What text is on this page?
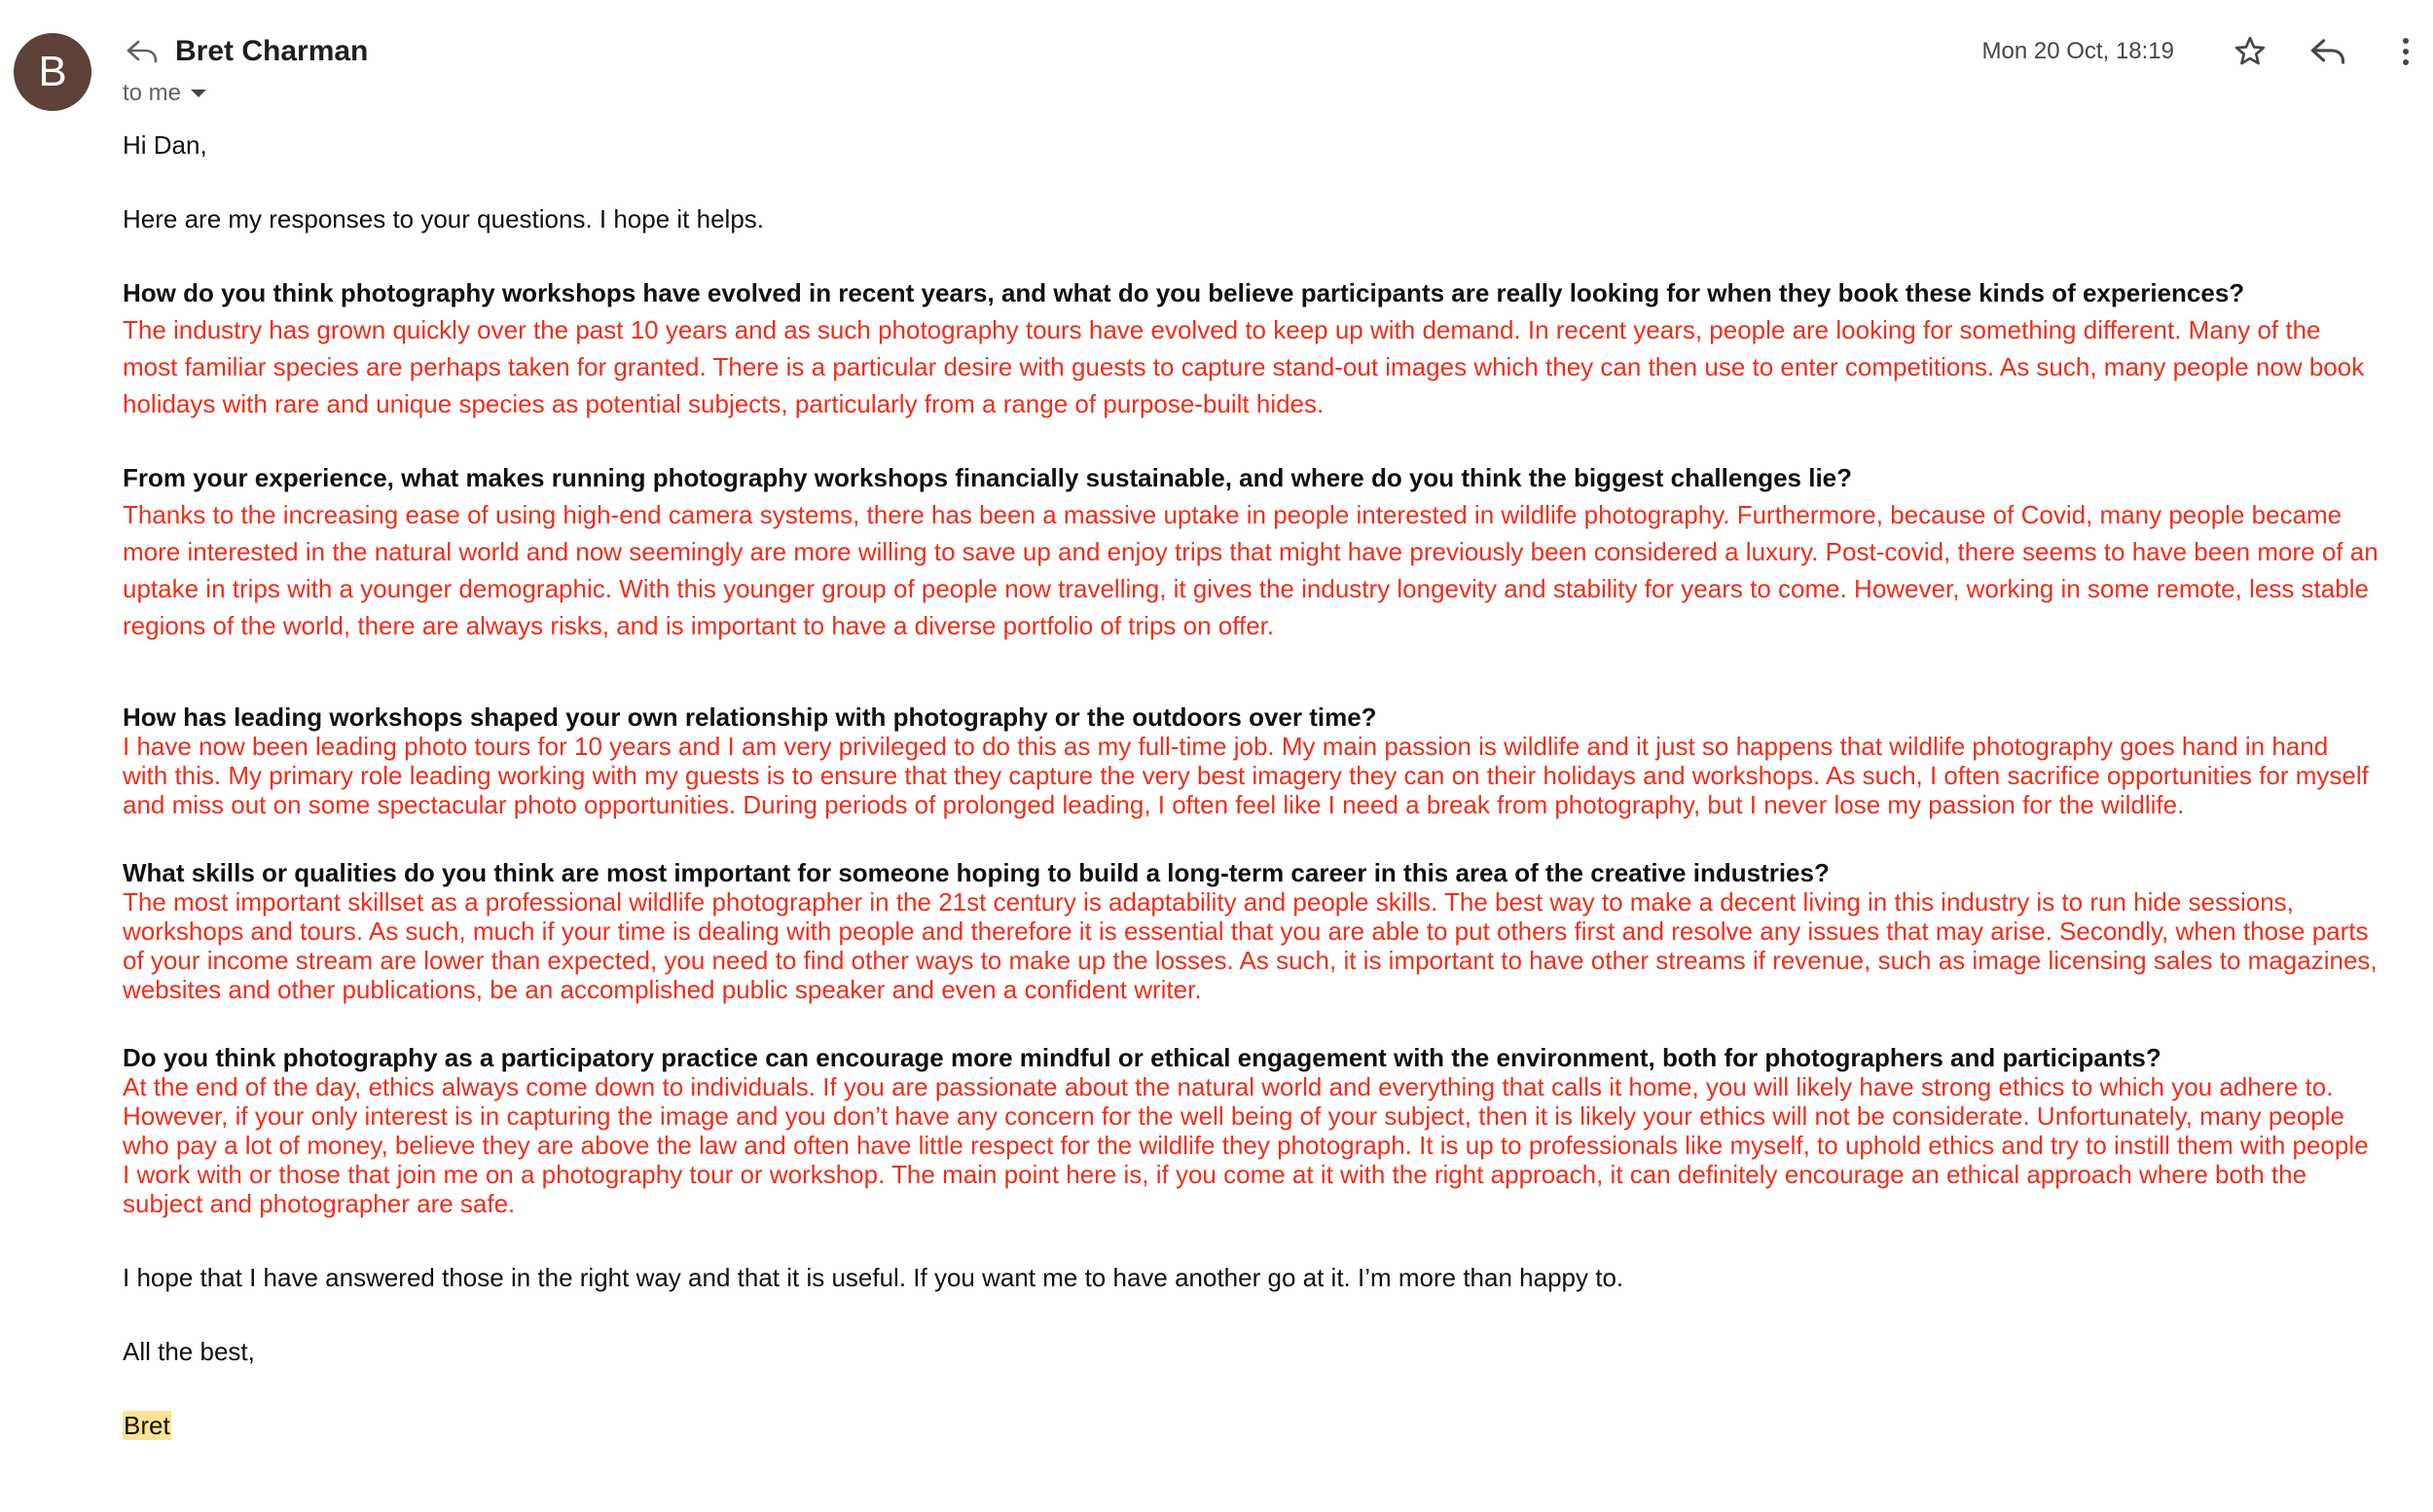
B	Bret Charman
to me
Mon 20 Oct, 18:19

Hi Dan,

Here are my responses to your questions. I hope it helps.

How do you think photography workshops have evolved in recent years, and what do you believe participants are really looking for when they book these kinds of experiences?

The industry has grown quickly over the past 10 years and as such photography tours have evolved to keep up with demand. In recent years, people are looking for something different. Many of the

most familiar species are perhaps taken for granted. There is a particular desire with guests to capture stand-out images which they can then use to enter competitions. As such, many people now book

holidays with rare and unique species as potential subjects, particularly from a range of purpose-built hides.

From your experience, what makes running photography workshops financially sustainable, and where do you think the biggest challenges lie?

Thanks to the increasing ease of using high-end camera systems, there has been a massive uptake in people interested in wildlife photography. Furthermore, because of Covid, many people became

more interested in the natural world and now seemingly are more willing to save up and enjoy trips that might have previously been considered a luxury. Post-covid, there seems to have been more of an

uptake in trips with a younger demographic. With this younger group of people now travelling, it gives the industry longevity and stability for years to come. However, working in some remote, less stable

regions of the world, there are always risks, and is important to have a diverse portfolio of trips on offer.

How has leading workshops shaped your own relationship with photography or the outdoors over time?

I have now been leading photo tours for 10 years and I am very privileged to do this as my full-time job. My main passion is wildlife and it just so happens that wildlife photography goes hand in hand

with this. My primary role leading working with my guests is to ensure that they capture the very best imagery they can on their holidays and workshops. As such, I often sacrifice opportunities for myself

and miss out on some spectacular photo opportunities. During periods of prolonged leading, I often feel like I need a break from photography, but I never lose my passion for the wildlife.

What skills or qualities do you think are most important for someone hoping to build a long-term career in this area of the creative industries?

The most important skillset as a professional wildlife photographer in the 21st century is adaptability and people skills. The best way to make a decent living in this industry is to run hide sessions,

workshops and tours. As such, much if your time is dealing with people and therefore it is essential that you are able to put others first and resolve any issues that may arise. Secondly, when those parts

of your income stream are lower than expected, you need to find other ways to make up the losses. As such, it is important to have other streams if revenue, such as image licensing sales to magazines,

websites and other publications, be an accomplished public speaker and even a confident writer.

Do you think photography as a participatory practice can encourage more mindful or ethical engagement with the environment, both for photographers and participants?

At the end of the day, ethics always come down to individuals. If you are passionate about the natural world and everything that calls it home, you will likely have strong ethics to which you adhere to.

However, if your only interest is in capturing the image and you don’t have any concern for the well being of your subject, then it is likely your ethics will not be considerate. Unfortunately, many people

who pay a lot of money, believe they are above the law and often have little respect for the wildlife they photograph. It is up to professionals like myself, to uphold ethics and try to instill them with people

I work with or those that join me on a photography tour or workshop. The main point here is, if you come at it with the right approach, it can definitely encourage an ethical approach where both the

subject and photographer are safe.

I hope that I have answered those in the right way and that it is useful. If you want me to have another go at it. I’m more than happy to.

All the best,

Bret
